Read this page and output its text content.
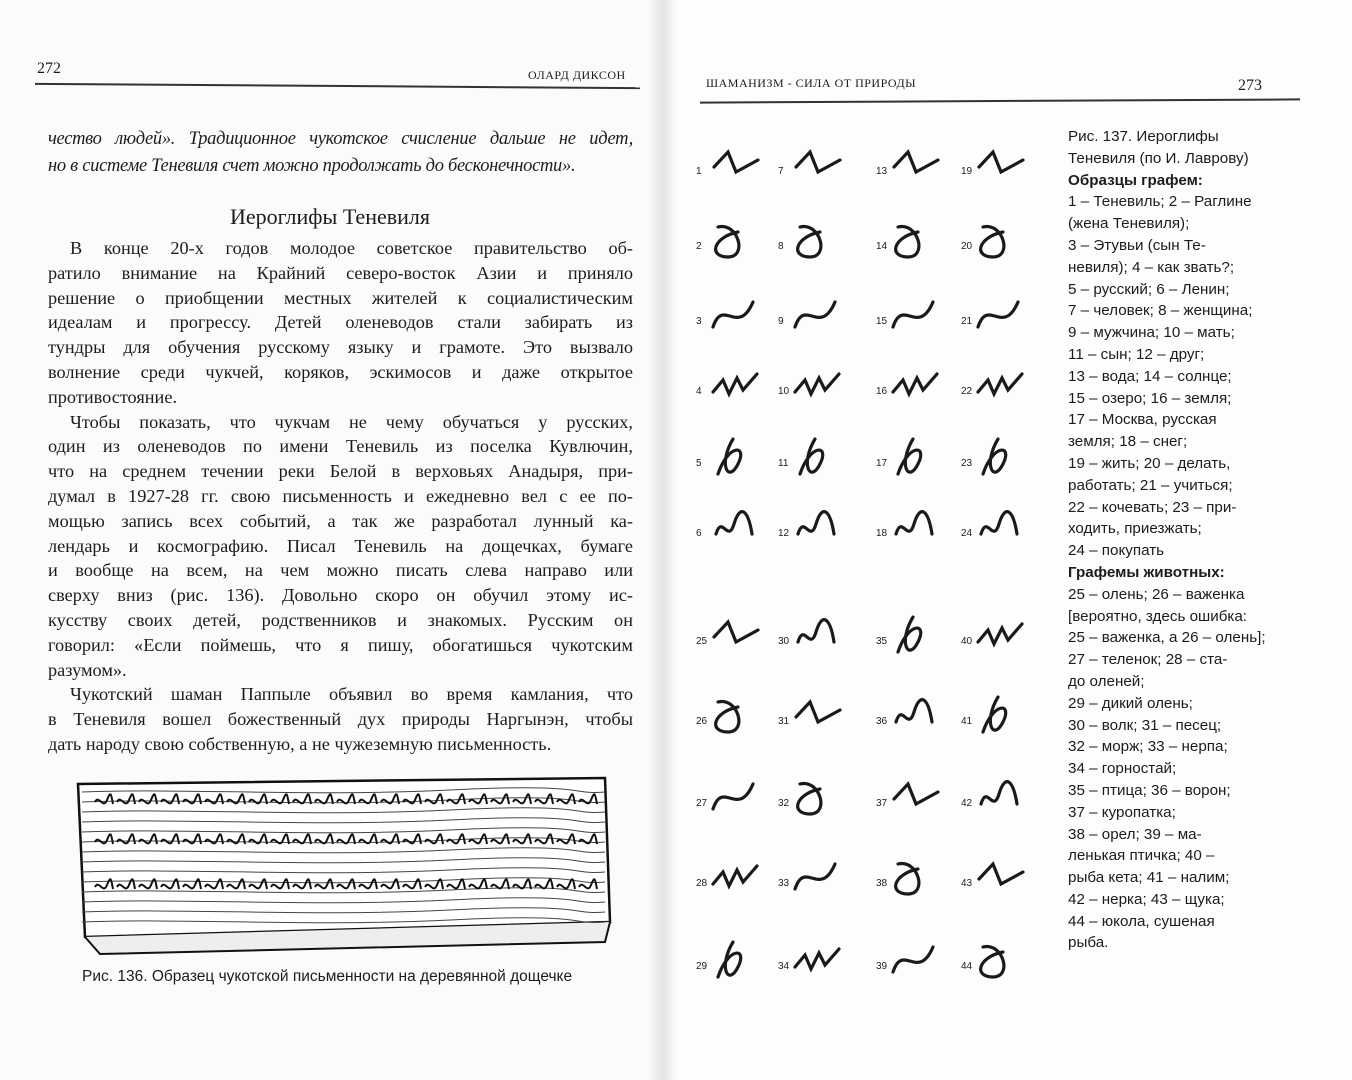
272	ОЛАРД ДИКСОН
чество людей». Традиционное чукотское счисление дальше не идет,
но в системе Теневиля счет можно продолжать до бесконечности».
Иероглифы Теневиля
В конце 20-х годов молодое советское правительство об-
ратило внимание на Крайний северо-восток Азии и приняло
решение о приобщении местных жителей к социалистическим
идеалам и прогрессу. Детей оленеводов стали забирать из
тундры для обучения русскому языку и грамоте. Это вызвало
волнение среди чукчей, коряков, эскимосов и даже открытое
противостояние.
Чтобы показать, что чукчам не чему обучаться у русских,
один из оленеводов по имени Теневиль из поселка Кувлючин,
что на среднем течении реки Белой в верховьях Анадыря, при-
думал в 1927-28 гг. свою письменность и ежедневно вел с ее по-
мощью запись всех событий, а так же разработал лунный ка-
лендарь и космографию. Писал Теневиль на дощечках, бумаге
и вообще на всем, на чем можно писать слева направо или
сверху вниз (рис. 136). Довольно скоро он обучил этому ис-
кусству своих детей, родственников и знакомых. Русским он
говорил: «Если поймешь, что я пишу, обогатишься чукотским
разумом».
Чукотский шаман Паппыле объявил во время камлания, что
в Теневиля вошел божественный дух природы Наргынэн, чтобы
дать народу свою собственную, а не чужеземную письменность.
Рис. 136. Образец чукотской письменности на деревянной дощечке
ШАМАНИЗМ - СИЛА ОТ ПРИРОДЫ	273
1
2
3
4
5
6
7
8
9
10
11
12
13
14
15
16
17
18
19
20
21
22
23
24
25
26
27
28
29
30
31
32
33
34
35
36
37
38
39
40
41
42
43
44
Рис. 137. Иероглифы
Теневиля (по И. Лаврову)
Образцы графем:
1 – Теневиль; 2 – Раглине
(жена Теневиля);
3 – Этувьи (сын Те-
невиля); 4 – как звать?;
5 – русский; 6 – Ленин;
7 – человек; 8 – женщина;
9 – мужчина; 10 – мать;
11 – сын; 12 – друг;
13 – вода; 14 – солнце;
15 – озеро; 16 – земля;
17 – Москва, русская
земля; 18 – снег;
19 – жить; 20 – делать,
работать; 21 – учиться;
22 – кочевать; 23 – при-
ходить, приезжать;
24 – покупать
Графемы животных:
25 – олень; 26 – важенка
[вероятно, здесь ошибка:
25 – важенка, а 26 – олень];
27 – теленок; 28 – ста-
до оленей;
29 – дикий олень;
30 – волк; 31 – песец;
32 – морж; 33 – нерпа;
34 – горностай;
35 – птица; 36 – ворон;
37 – куропатка;
38 – орел; 39 – ма-
ленькая птичка; 40 –
рыба кета; 41 – налим;
42 – нерка; 43 – щука;
44 – юкола, сушеная
рыба.
